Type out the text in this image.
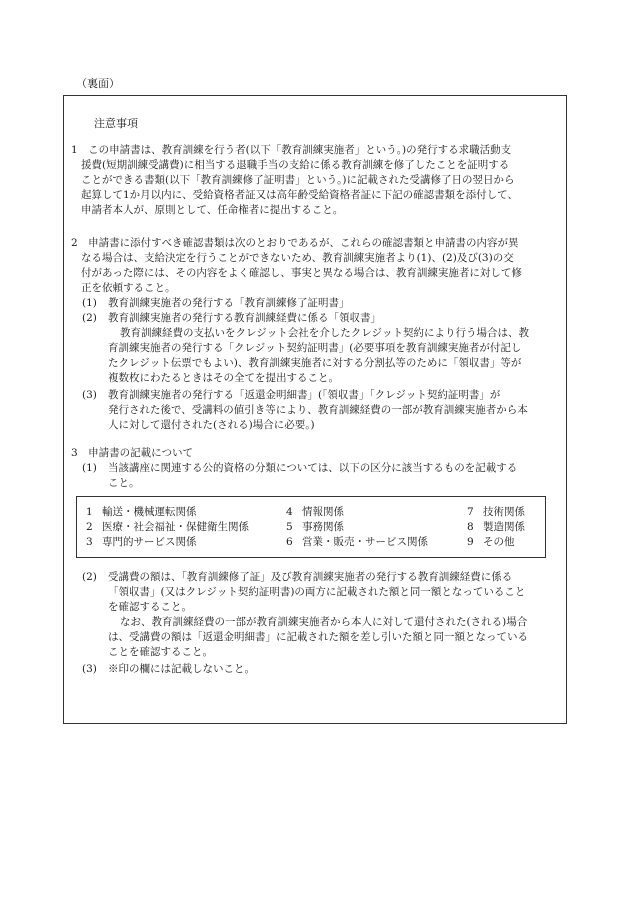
（裏面）
注意事項
1　この申請書は、教育訓練を行う者(以下「教育訓練実施者」という。)の発行する求職活動支
援費(短期訓練受講費)に相当する退職手当の支給に係る教育訓練を修了したことを証明する
ことができる書類(以下「教育訓練修了証明書」という。)に記載された受講修了日の翌日から
起算して1か月以内に、受給資格者証又は高年齢受給資格者証に下記の確認書類を添付して、
申請者本人が、原則として、任命権者に提出すること。
2　申請書に添付すべき確認書類は次のとおりであるが、これらの確認書類と申請書の内容が異
なる場合は、支給決定を行うことができないため、教育訓練実施者より(1)、(2)及び(3)の交
付があった際には、その内容をよく確認し、事実と異なる場合は、教育訓練実施者に対して修
正を依頼すること。
(1) 教育訓練実施者の発行する「教育訓練修了証明書」
(2) 教育訓練実施者の発行する教育訓練経費に係る「領収書」
教育訓練経費の支払いをクレジット会社を介したクレジット契約により行う場合は、教
育訓練実施者の発行する「クレジット契約証明書」(必要事項を教育訓練実施者が付記し
たクレジット伝票でもよい)、教育訓練実施者に対する分割払等のために「領収書」等が
複数枚にわたるときはその全てを提出すること。
(3) 教育訓練実施者の発行する「返還金明細書」(「領収書」「クレジット契約証明書」が
発行された後で、受講料の値引き等により、教育訓練経費の一部が教育訓練実施者から本
人に対して還付された(される)場合に必要。)
3　申請書の記載について
(1) 当該講座に関連する公的資格の分類については、以下の区分に該当するものを記載する
こと。
1 輸送・機械運転関係
2 医療・社会福祉・保健衛生関係
3 専門的サービス関係
4 情報関係
5 事務関係
6 営業・販売・サービス関係
7 技術関係
8 製造関係
9 その他
(2) 受講費の額は、「教育訓練修了証」及び教育訓練実施者の発行する教育訓練経費に係る
「領収書」(又はクレジット契約証明書)の両方に記載された額と同一額となっていること
を確認すること。
なお、教育訓練経費の一部が教育訓練実施者から本人に対して還付された(される)場合
は、受講費の額は「返還金明細書」に記載された額を差し引いた額と同一額となっている
ことを確認すること。
(3) ※印の欄には記載しないこと。
